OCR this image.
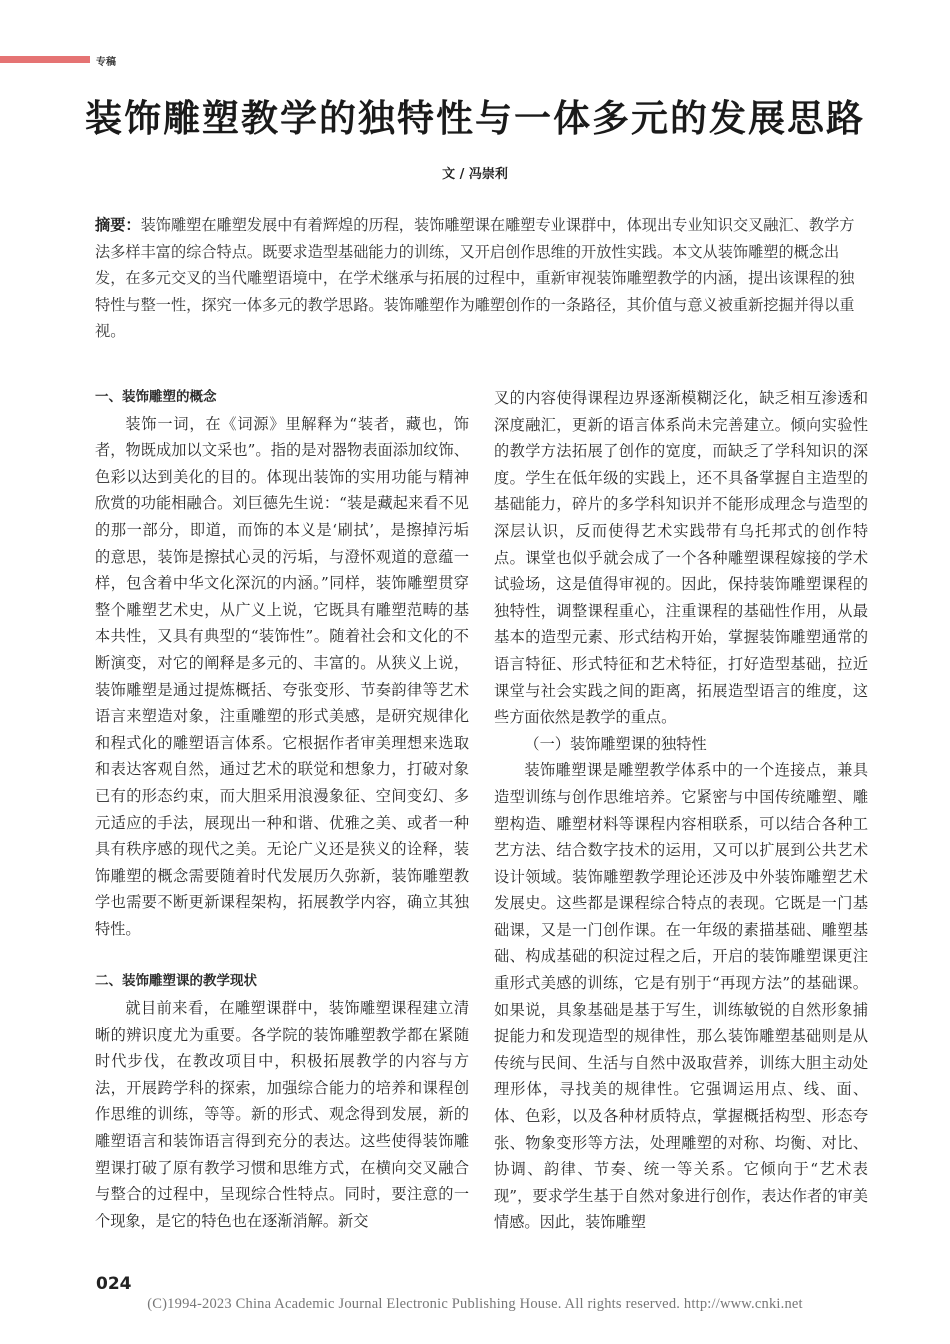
专稿
装饰雕塑教学的独特性与一体多元的发展思路
文 / 冯崇利
摘要：装饰雕塑在雕塑发展中有着辉煌的历程，装饰雕塑课在雕塑专业课群中，体现出专业知识交叉融汇、教学方法多样丰富的综合特点。既要求造型基础能力的训练，又开启创作思维的开放性实践。本文从装饰雕塑的概念出发，在多元交叉的当代雕塑语境中，在学术继承与拓展的过程中，重新审视装饰雕塑教学的内涵，提出该课程的独特性与整一性，探究一体多元的教学思路。装饰雕塑作为雕塑创作的一条路径，其价值与意义被重新挖掘并得以重视。

一、装饰雕塑的概念

装饰一词，在《词源》里解释为“装者，藏也，饰者，物既成加以文采也”。指的是对器物表面添加纹饰、色彩以达到美化的目的。体现出装饰的实用功能与精神欣赏的功能相融合。刘巨德先生说：“装是藏起来看不见的那一部分，即道，而饰的本义是‘刷拭’，是擦掉污垢的意思，装饰是擦拭心灵的污垢，与澄怀观道的意蕴一样，包含着中华文化深沉的内涵。”同样，装饰雕塑贯穿整个雕塑艺术史，从广义上说，它既具有雕塑范畴的基本共性，又具有典型的“装饰性”。随着社会和文化的不断演变，对它的阐释是多元的、丰富的。从狭义上说，装饰雕塑是通过提炼概括、夸张变形、节奏韵律等艺术语言来塑造对象，注重雕塑的形式美感，是研究规律化和程式化的雕塑语言体系。它根据作者审美理想来选取和表达客观自然，通过艺术的联觉和想象力，打破对象已有的形态约束，而大胆采用浪漫象征、空间变幻、多元适应的手法，展现出一种和谐、优雅之美、或者一种具有秩序感的现代之美。无论广义还是狭义的诠释，装饰雕塑的概念需要随着时代发展历久弥新，装饰雕塑教学也需要不断更新课程架构，拓展教学内容，确立其独特性。

二、装饰雕塑课的教学现状

就目前来看，在雕塑课群中，装饰雕塑课程建立清晰的辨识度尤为重要。各学院的装饰雕塑教学都在紧随时代步伐，在教改项目中，积极拓展教学的内容与方法，开展跨学科的探索，加强综合能力的培养和课程创作思维的训练，等等。新的形式、观念得到发展，新的雕塑语言和装饰语言得到充分的表达。这些使得装饰雕塑课打破了原有教学习惯和思维方式，在横向交叉融合与整合的过程中，呈现综合性特点。同时，要注意的一个现象，是它的特色也在逐渐消解。新交

叉的内容使得课程边界逐渐模糊泛化，缺乏相互渗透和深度融汇，更新的语言体系尚未完善建立。倾向实验性的教学方法拓展了创作的宽度，而缺乏了学科知识的深度。学生在低年级的实践上，还不具备掌握自主造型的基础能力，碎片的多学科知识并不能形成理念与造型的深层认识，反而使得艺术实践带有乌托邦式的创作特点。课堂也似乎就会成了一个各种雕塑课程嫁接的学术试验场，这是值得审视的。因此，保持装饰雕塑课程的独特性，调整课程重心，注重课程的基础性作用，从最基本的造型元素、形式结构开始，掌握装饰雕塑通常的语言特征、形式特征和艺术特征，打好造型基础，拉近课堂与社会实践之间的距离，拓展造型语言的维度，这些方面依然是教学的重点。

（一）装饰雕塑课的独特性

装饰雕塑课是雕塑教学体系中的一个连接点，兼具造型训练与创作思维培养。它紧密与中国传统雕塑、雕塑构造、雕塑材料等课程内容相联系，可以结合各种工艺方法、结合数字技术的运用，又可以扩展到公共艺术设计领域。装饰雕塑教学理论还涉及中外装饰雕塑艺术发展史。这些都是课程综合特点的表现。它既是一门基础课，又是一门创作课。在一年级的素描基础、雕塑基础、构成基础的积淀过程之后，开启的装饰雕塑课更注重形式美感的训练，它是有别于“再现方法”的基础课。如果说，具象基础是基于写生，训练敏锐的自然形象捕捉能力和发现造型的规律性，那么装饰雕塑基础则是从传统与民间、生活与自然中汲取营养，训练大胆主动处理形体，寻找美的规律性。它强调运用点、线、面、体、色彩，以及各种材质特点，掌握概括构型、形态夸张、物象变形等方法，处理雕塑的对称、均衡、对比、协调、韵律、节奏、统一等关系。它倾向于“艺术表现”，要求学生基于自然对象进行创作，表达作者的审美情感。因此，装饰雕塑

024
(C)1994-2023 China Academic Journal Electronic Publishing House. All rights reserved. http://www.cnki.net
